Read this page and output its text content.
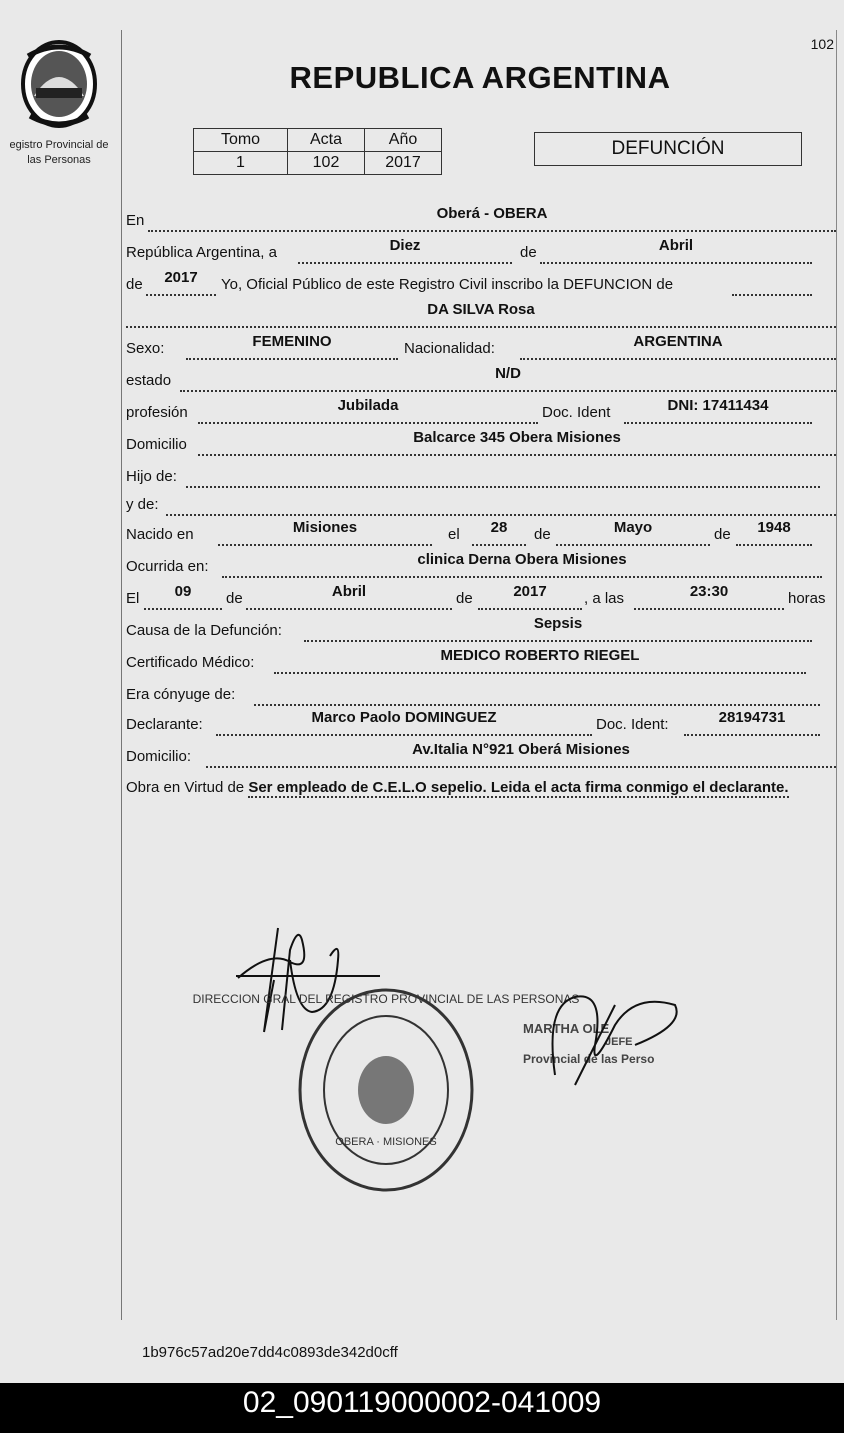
egistro Provincial de
las Personas
102
REPUBLICA ARGENTINA
Tomo	Acta	Año
1	102	2017
DEFUNCIÓN
En	Oberá - OBERA
República Argentina, a	Diez	de	Abril
de	2017	Yo, Oficial Público de este Registro Civil inscribo la DEFUNCION de
DA SILVA Rosa
Sexo:	FEMENINO	Nacionalidad:	ARGENTINA
estado	N/D
profesión	Jubilada	Doc. Ident	DNI: 17411434
Domicilio	Balcarce 345 Obera Misiones
Hijo de:
y de:
Nacido en	Misiones	el	28	de	Mayo	de	1948
Ocurrida en:	clinica Derna Obera Misiones
El	09	de	Abril	de	2017	, a las	23:30	horas
Causa de la Defunción:	Sepsis
Certificado Médico:	MEDICO ROBERTO RIEGEL
Era cónyuge de:
Declarante:	Marco Paolo DOMINGUEZ	Doc. Ident:	28194731
Domicilio:	Av.Italia N°921 Oberá Misiones
Obra en Virtud de Ser empleado de C.E.L.O sepelio. Leida el acta firma conmigo el declarante.
DIRECCION GRAL DEL REGISTRO PROVINCIAL DE LAS PERSONAS
OBERA · MISIONES
MARTHA OLE
JEFE
Provincial de las Perso
1b976c57ad20e7dd4c0893de342d0cff
02_090119000002-041009
